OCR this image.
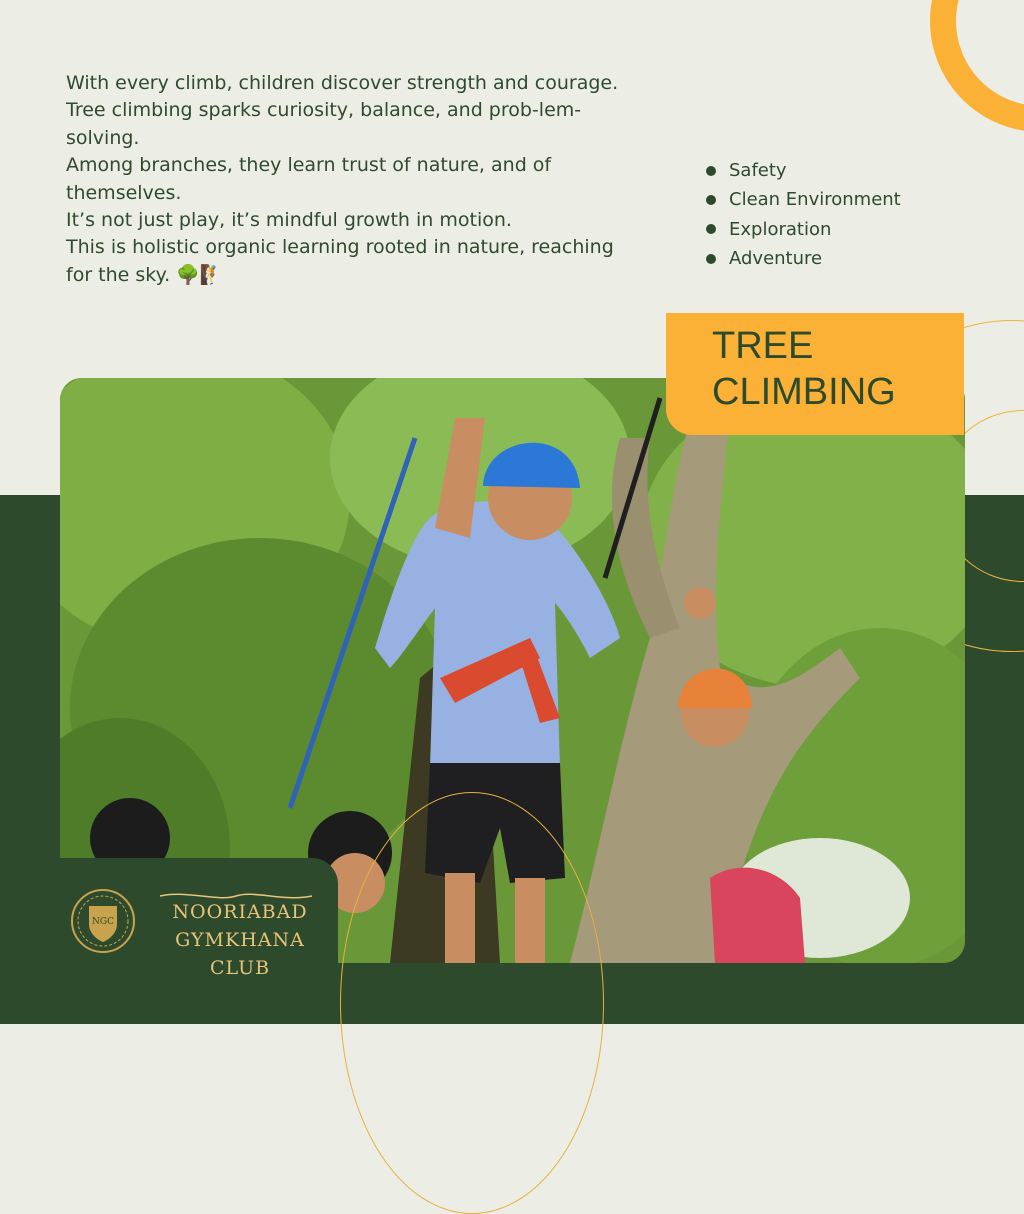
With every climb, children discover strength and courage.

Tree climbing sparks curiosity, balance, and prob-lem-solving.

Among branches, they learn trust of nature, and of themselves.

It’s not just play, it’s mindful growth in motion.

This is holistic organic learning rooted in nature, reaching for the sky. 🌳🧗

Safety
Clean Environment
Exploration
Adventure
TREE
CLIMBING
NGC	NOORIABAD
GYMKHANA CLUB
